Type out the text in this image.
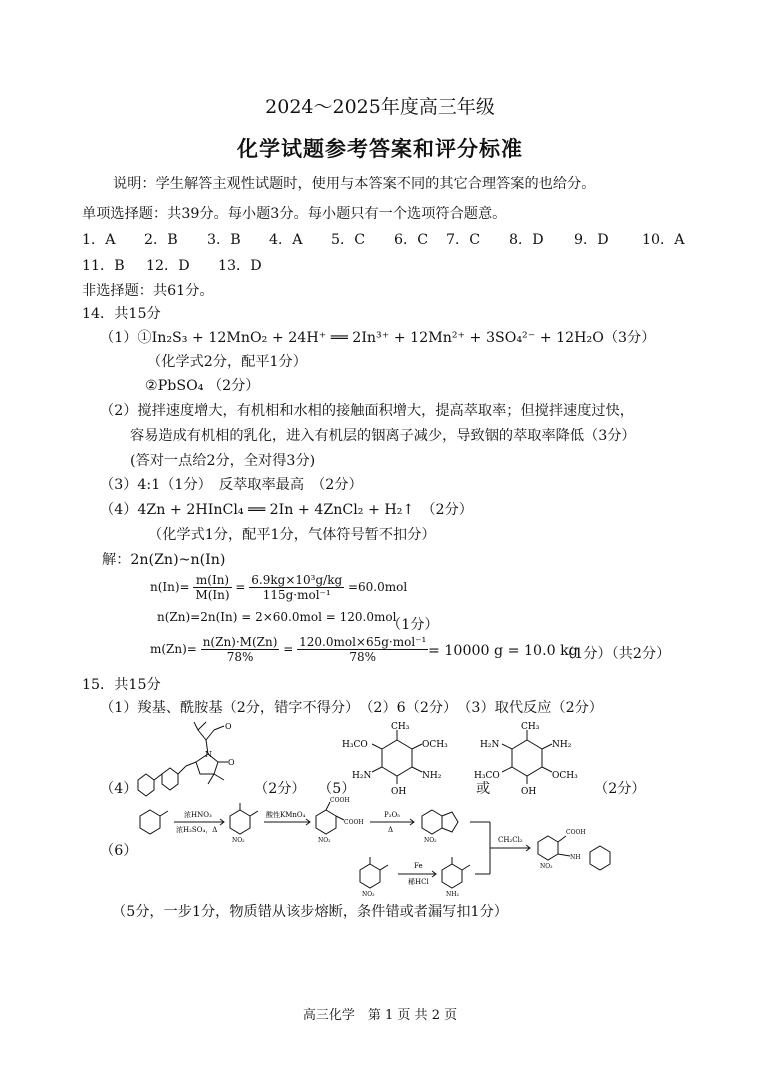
2024～2025年度高三年级
化学试题参考答案和评分标准
说明：学生解答主观性试题时，使用与本答案不同的其它合理答案的也给分。
单项选择题：共39分。每小题3分。每小题只有一个选项符合题意。
1．A 2．B 3．B 4．A 5．C 6．C 7．C 8．D 9．D 10．A
11．B 12．D 13．D
非选择题：共61分。
14．共15分
（1）①In₂S₃ + 12MnO₂ + 24H⁺ ══ 2In³⁺ + 12Mn²⁺ + 3SO₄²⁻ + 12H₂O（3分）
（化学式2分，配平1分）
②PbSO₄ （2分）
（2）搅拌速度增大，有机相和水相的接触面积增大，提高萃取率；但搅拌速度过快，
容易造成有机相的乳化，进入有机层的铟离子减少，导致铟的萃取率降低（3分）
(答对一点给2分，全对得3分)
（3）4:1（1分）　反萃取率最高　（2分）
（4）4Zn + 2HInCl₄ ══ 2In + 4ZnCl₂ + H₂↑　（2分）
（化学式1分，配平1分，气体符号暂不扣分）
解：2n(Zn)~n(In)
$n(In)= \frac{m(In)}{M(In)} = \frac{\text{6.9kg×10³g/kg}}{\text{115g·mol⁻¹}} =60.0mol$
n(Zn)=2n(In) = 2×60.0mol = 120.0mol
（1分）
$m(Zn)= \frac{n(Zn)\cdot M(Zn)}{78\%} = \frac{\text{120.0mol×65g·mol⁻¹}}{78\%} = 10000$ g = 10.0 kg
（1分）（共2分）
15．共15分
（1）羧基、酰胺基（2分，错字不得分）　（2）6（2分）　（3）取代反应（2分）
（4）
O
N
O
（2分） （5）
CH₃
H₃CO	OCH₃
H₂N	NH₂
OH	或
CH₃
H₂N	NH₂
H₃CO	OCH₃
OH	（2分）
（6）
浓HNO₃
浓H₂SO₄，Δ
酸性KMnO₄	P₂O₅
Δ
Fe
稀HCl
CH₂Cl₂
NO₂
COOH
COOH
NO₂	NO₂
NO₂	NH₂
COOH
NH
NO₂
（5分，一步1分，物质错从该步熔断，条件错或者漏写扣1分）
高三化学　第 1 页 共 2 页
